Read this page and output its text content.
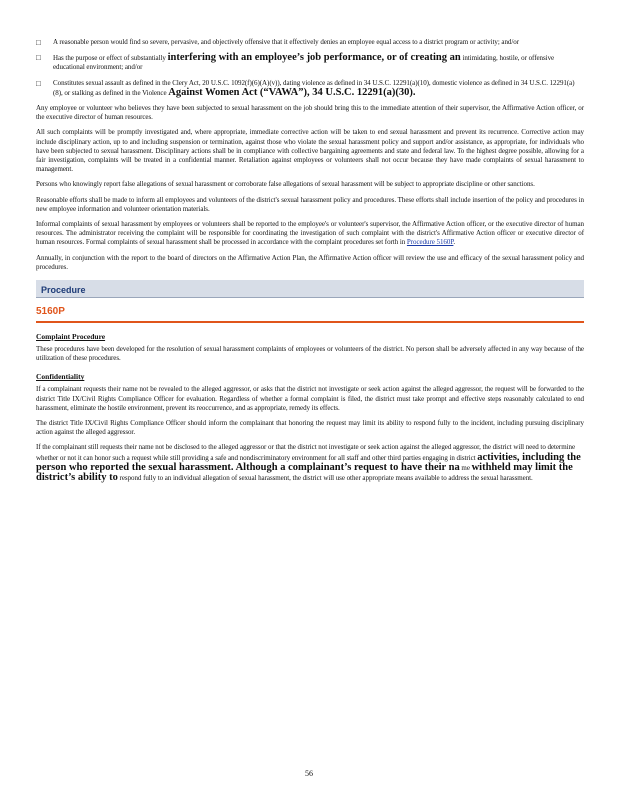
□ A reasonable person would find so severe, pervasive, and objectively offensive that it effectively denies an employee equal access to a district program or activity; and/or
□ Has the purpose or effect of substantially interfering with an employee’s job performance, or of creating an intimidating, hostile, or offensive educational environment; and/or
□ Constitutes sexual assault as defined in the Clery Act, 20 U.S.C. 1092(f)(6)(A)(v)), dating violence as defined in 34 U.S.C. 12291(a)(10), domestic violence as defined in 34 U.S.C. 12291(a)(8), or stalking as defined in the Violence Against Women Act (“VAWA”), 34 U.S.C. 12291(a)(30).

Any employee or volunteer who believes they have been subjected to sexual harassment on the job should bring this to the immediate attention of their supervisor, the Affirmative Action officer, or the executive director of human resources.

All such complaints will be promptly investigated and, where appropriate, immediate corrective action will be taken to end sexual harassment and prevent its recurrence. Corrective action may include disciplinary action, up to and including suspension or termination, against those who violate the sexual harassment policy and support and/or assistance, as appropriate, for individuals who have been subjected to sexual harassment. Disciplinary actions shall be in compliance with collective bargaining agreements and state and federal law. To the highest degree possible, allowing for a fair investigation, complaints will be treated in a confidential manner. Retaliation against employees or volunteers shall not occur because they have made complaints of sexual harassment to management.

Persons who knowingly report false allegations of sexual harassment or corroborate false allegations of sexual harassment will be subject to appropriate discipline or other sanctions.

Reasonable efforts shall be made to inform all employees and volunteers of the district's sexual harassment policy and procedures. These efforts shall include insertion of the policy and procedures in new employee information and volunteer orientation materials.

Informal complaints of sexual harassment by employees or volunteers shall be reported to the employee's or volunteer's supervisor, the Affirmative Action officer, or the executive director of human resources. The administrator receiving the complaint will be responsible for coordinating the investigation of such complaint with the district's Affirmative Action officer or executive director of human resources. Formal complaints of sexual harassment shall be processed in accordance with the complaint procedures set forth in Procedure 5160P.

Annually, in conjunction with the report to the board of directors on the Affirmative Action Plan, the Affirmative Action officer will review the use and efficacy of the sexual harassment policy and procedures.

Procedure
5160P
Complaint Procedure

These procedures have been developed for the resolution of sexual harassment complaints of employees or volunteers of the district. No person shall be adversely affected in any way because of the utilization of these procedures.

Confidentiality

If a complainant requests their name not be revealed to the alleged aggressor, or asks that the district not investigate or seek action against the alleged aggressor, the request will be forwarded to the district Title IX/Civil Rights Compliance Officer for evaluation. Regardless of whether a formal complaint is filed, the district must take prompt and effective steps reasonably calculated to end harassment, eliminate the hostile environment, prevent its reoccurrence, and as appropriate, remedy its effects.

The district Title IX/Civil Rights Compliance Officer should inform the complainant that honoring the request may limit its ability to respond fully to the incident, including pursuing disciplinary action against the alleged aggressor.

If the complainant still requests their name not be disclosed to the alleged aggressor or that the district not investigate or seek action against the alleged aggressor, the district will need to determine whether or not it can honor such a request while still providing a safe and nondiscriminatory environment for all staff and other third parties engaging in district activities, including the person who reported the sexual harassment. Although a complainant’s request to have their na me withheld may limit the district’s ability to respond fully to an individual allegation of sexual harassment, the district will use other appropriate means available to address the sexual harassment.

56
